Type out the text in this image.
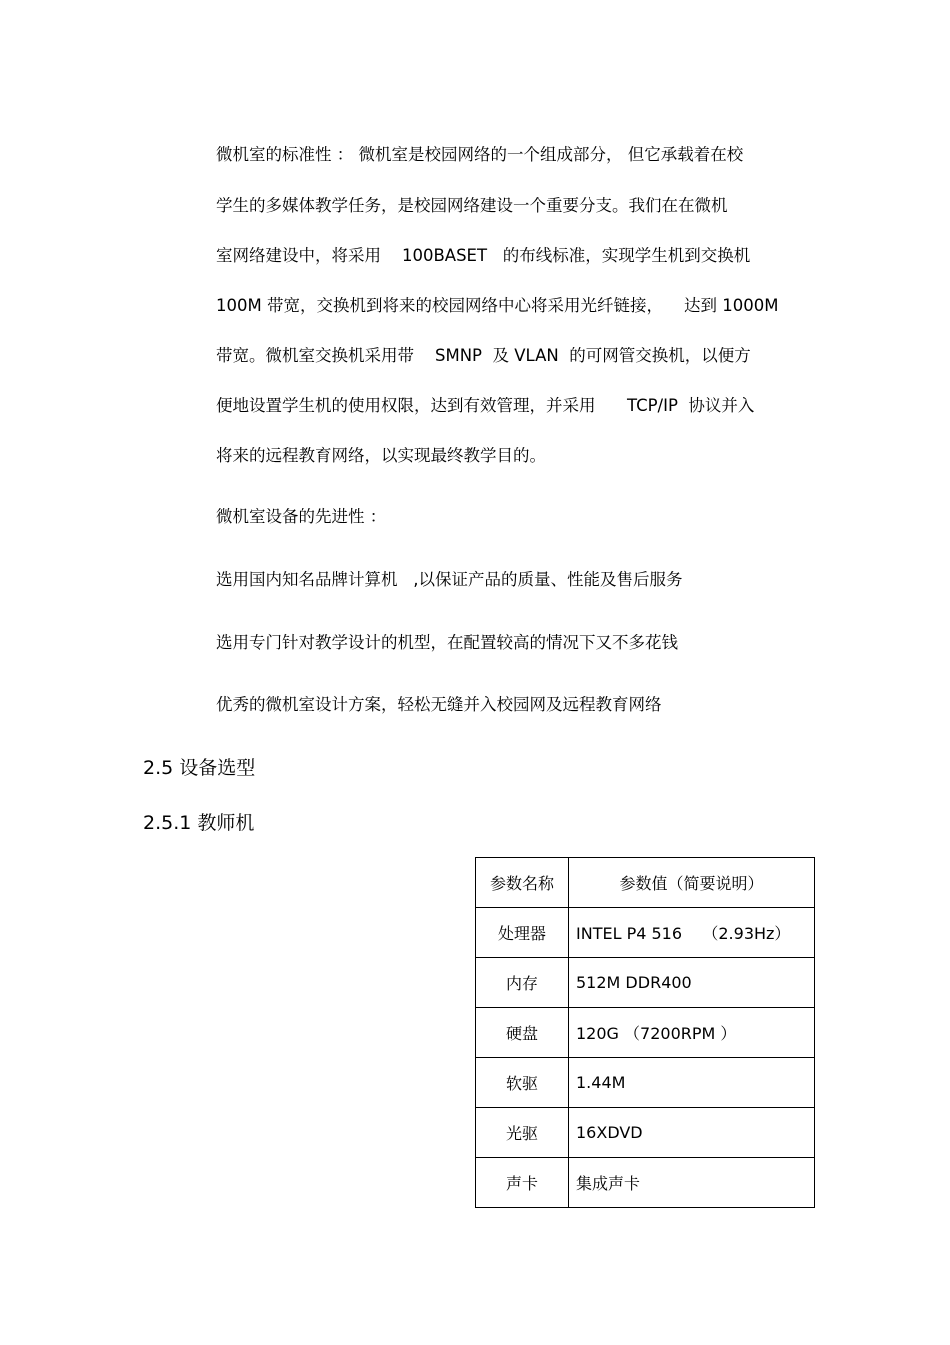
微机室的标准性 ： 微机室是校园网络的一个组成部分， 但它承载着在校
学生的多媒体教学任务，是校园网络建设一个重要分支。我们在在微机
室网络建设中，将采用    100BASET   的布线标准，实现学生机到交换机
100M 带宽，交换机到将来的校园网络中心将采用光纤链接，    达到 1000M
带宽。微机室交换机采用带    SMNP  及 VLAN  的可网管交换机，以便方
便地设置学生机的使用权限，达到有效管理，并采用      TCP/IP  协议并入
将来的远程教育网络，以实现最终教学目的。
微机室设备的先进性 ：
选用国内知名品牌计算机   ,以保证产品的质量、性能及售后服务
选用专门针对教学设计的机型，在配置较高的情况下又不多花钱
优秀的微机室设计方案，轻松无缝并入校园网及远程教育网络
2.5 设备选型
2.5.1 教师机
参数名称	参数值（简要说明）
处理器	INTEL P4 516    （2.93Hz）
内存	512M DDR400
硬盘	120G （7200RPM ）
软驱	1.44M
光驱	16XDVD
声卡	集成声卡
